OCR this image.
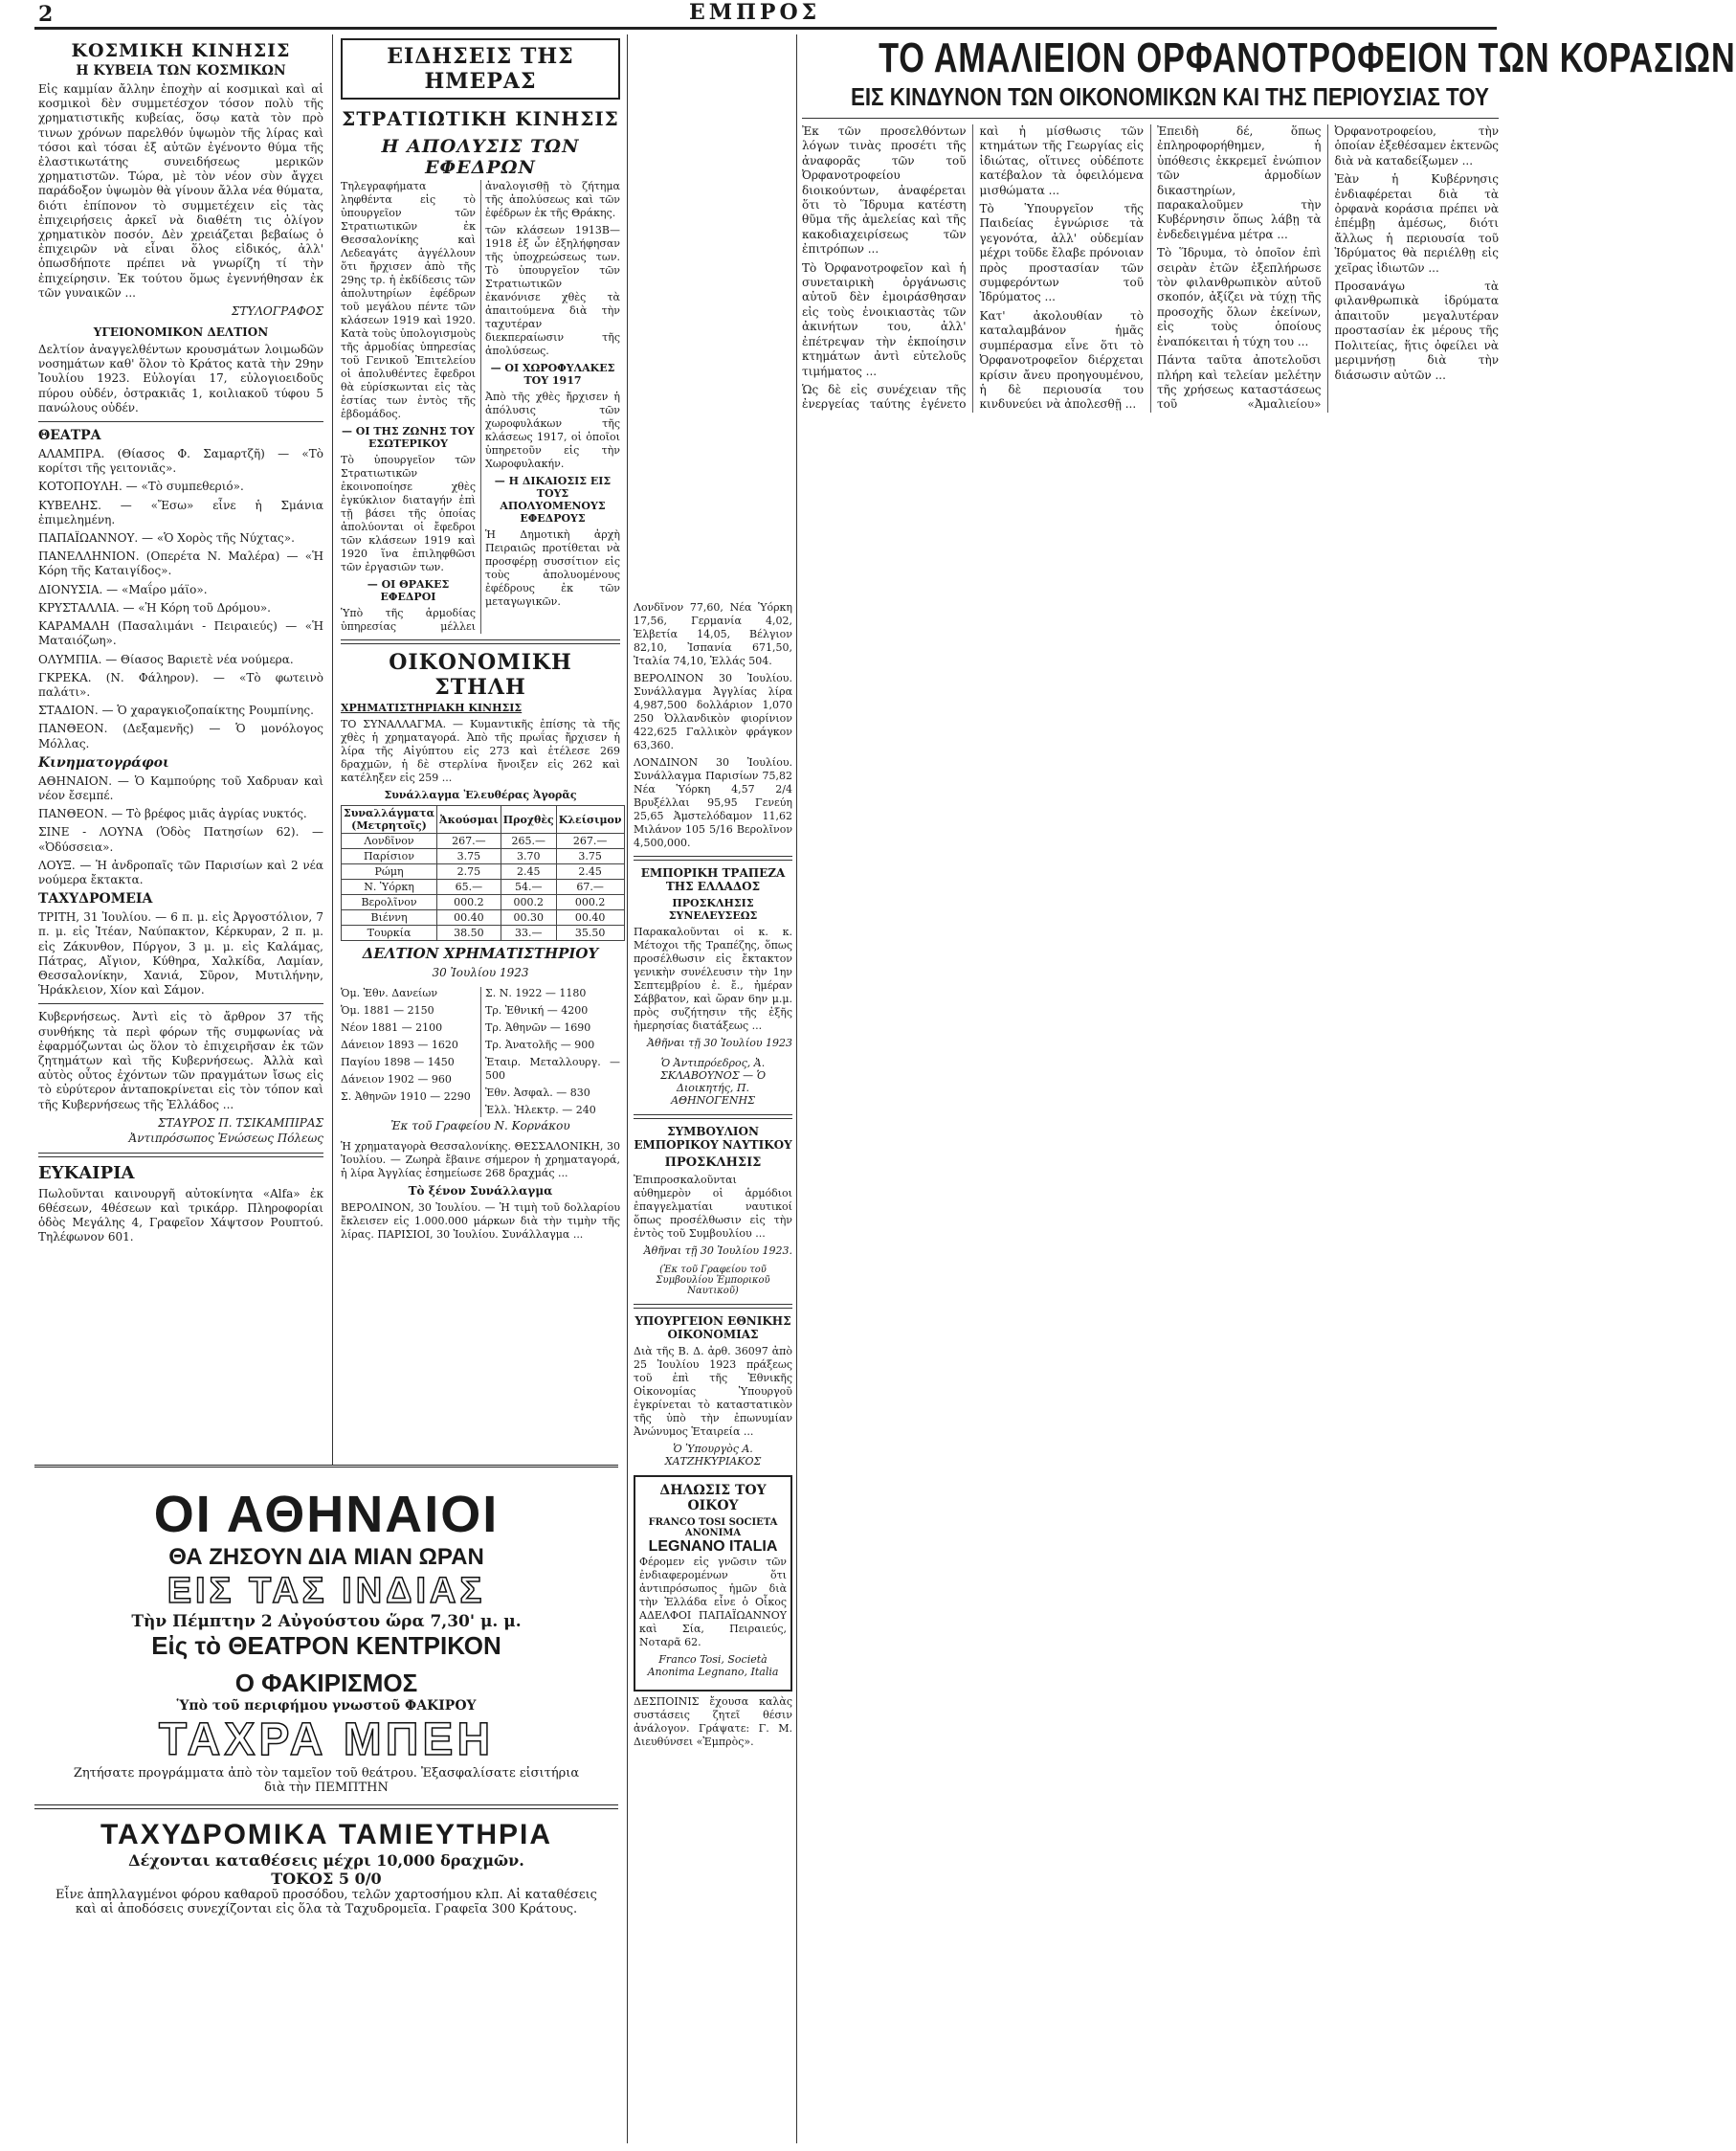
2	ΕΜΠΡΟΣ
ΚΟΣΜΙΚΗ ΚΙΝΗΣΙΣ
Η ΚΥΒΕΙΑ ΤΩΝ ΚΟΣΜΙΚΩΝ

Εἰς καμμίαν ἄλλην ἐποχὴν αἱ κοσμικαὶ καὶ αἱ κοσμικοὶ δὲν συμμετέσχον τόσον πολὺ τῆς χρηματιστικῆς κυβείας, ὅσῳ κατὰ τὸν πρὸ τινων χρόνων παρελθόν ὑψωμὸν τῆς λίρας καὶ τόσοι καὶ τόσαι ἐξ αὐτῶν ἐγένοντο θύμα τῆς ἐλαστικωτάτης συνειδήσεως μερικῶν χρηματιστῶν. Τώρα, μὲ τὸν νέον σὺν ἄγχει παράδοξον ὑψωμὸν θὰ γίνουν ἄλλα νέα θύματα, διότι ἐπίπονον τὸ συμμετέχειν εἰς τὰς ἐπιχειρήσεις ἀρκεῖ νὰ διαθέτη τις ὀλίγον χρηματικὸν ποσόν. Δὲν χρειάζεται βεβαίως ὁ ἐπιχειρῶν νὰ εἶναι ὅλος εἰδικός, ἀλλ' ὁπωσδήποτε πρέπει νὰ γνωρίζη τί τὴν ἐπιχείρησιν. Ἐκ τούτου ὅμως ἐγεννήθησαν ἐκ τῶν γυναικῶν ...

ΣΤΥΛΟΓΡΑΦΟΣ
ΥΓΕΙΟΝΟΜΙΚΟΝ ΔΕΛΤΙΟΝ

Δελτίον ἀναγγελθέντων κρουσμάτων λοιμωδῶν νοσημάτων καθ' ὅλον τὸ Κράτος κατὰ τὴν 29ην Ἰουλίου 1923. Εὐλογίαι 17, εὐλογιοειδοῦς πύρου οὐδέν, ὀστρακιᾶς 1, κοιλιακοῦ τύφου 5 πανώλους οὐδέν.

ΘΕΑΤΡΑ

ΑΛΑΜΠΡΑ. (Θίασος Φ. Σαμαρτζῆ) — «Τὸ κορίτσι τῆς γειτονιᾶς».

ΚΟΤΟΠΟΥΛΗ. — «Τὸ συμπεθεριό».

ΚΥΒΕΛΗΣ. — «Ἔσω» εἶνε ἡ Σμάνια ἐπιμελημένη.

ΠΑΠΑΪΩΑΝΝΟΥ. — «Ὁ Χορὸς τῆς Νύχτας».

ΠΑΝΕΛΛΗΝΙΟΝ. (Οπερέτα Ν. Μαλέρα) — «Ἡ Κόρη τῆς Καταιγίδος».

ΔΙΟΝΥΣΙΑ. — «Μαΐρο μάϊο».

ΚΡΥΣΤΑΛΛΙΑ. — «Ἡ Κόρη τοῦ Δρόμου».

ΚΑΡΑΜΑΛΗ (Πασαλιμάνι - Πειραιεύς) — «Ἡ Ματαιόζωη».

ΟΛΥΜΠΙΑ. — Θίασος Βαριετὲ νέα νούμερα.

ΓΚΡΕΚΑ. (Ν. Φάληρον). — «Τὸ φωτεινὸ παλάτι».

ΣΤΑΔΙΟΝ. — Ὁ χαραγκιοζοπαίκτης Ρουμπίνης.

ΠΑΝΘΕΟΝ. (Δεξαμενῆς) — Ὁ μονόλογος Μόλλας.

Κινηματογράφοι

ΑΘΗΝΑΙΟΝ. — Ὁ Καμπούρης τοῦ Χαδρυαν καὶ νέον ἔσεμπέ.

ΠΑΝΘΕΟΝ. — Τὸ βρέφος μιᾶς ἀγρίας νυκτός.

ΣΙΝΕ - ΛΟΥΝΑ (Ὁδὸς Πατησίων 62). — «Ὀδύσσεια».

ΛΟΥΞ. — Ἡ ἀνδροπαῖς τῶν Παρισίων καὶ 2 νέα νούμερα ἔκτακτα.

ΤΑΧΥΔΡΟΜΕΙΑ

ΤΡΙΤΗ, 31 Ἰουλίου. — 6 π. μ. εἰς Ἀργοστόλιον, 7 π. μ. εἰς Ἰτέαν, Ναύπακτον, Κέρκυραν, 2 π. μ. εἰς Ζάκυνθον, Πύργον, 3 μ. μ. εἰς Καλάμας, Πάτρας, Αἴγιον, Κύθηρα, Χαλκίδα, Λαμίαν, Θεσσαλονίκην, Χανιά, Σῦρον, Μυτιλήνην, Ἡράκλειον, Χίον καὶ Σάμον.

Κυβερνήσεως. Ἀντὶ εἰς τὸ ἄρθρον 37 τῆς συνθήκης τὰ περὶ φόρων τῆς συμφωνίας νὰ ἐφαρμόζωνται ὡς ὅλον τὸ ἐπιχειρῆσαν ἐκ τῶν ζητημάτων καὶ τῆς Κυβερνήσεως. Ἀλλὰ καὶ αὐτὸς οὗτος ἐχόντων τῶν πραγμάτων ἴσως εἰς τὸ εὐρύτερον ἀνταποκρίνεται εἰς τὸν τόπον καὶ τῆς Κυβερνήσεως τῆς Ἑλλάδος ...

ΣΤΑΥΡΟΣ Π. ΤΣΙΚΑΜΠΙΡΑΣ
Ἀντιπρόσωπος Ἑνώσεως Πόλεως
ΕΥΚΑΙΡΙΑ

Πωλοῦνται καινουργῆ αὐτοκίνητα «Alfa» ἐκ 6θέσεων, 4θέσεων καὶ τρικάρρ. Πληροφορίαι ὁδὸς Μεγάλης 4, Γραφεῖον Χάψτσον Ρουπτού. Τηλέφωνον 601.

ΕΙΔΗΣΕΙΣ ΤΗΣ ΗΜΕΡΑΣ
ΣΤΡΑΤΙΩΤΙΚΗ ΚΙΝΗΣΙΣ
Η ΑΠΟΛΥΣΙΣ ΤΩΝ ΕΦΕΔΡΩΝ

Τηλεγραφήματα ληφθέντα εἰς τὸ ὑπουργεῖον τῶν Στρατιωτικῶν ἐκ Θεσσαλονίκης καὶ Λεδεαγάτς ἀγγέλλουν ὅτι ἤρχισεν ἀπὸ τῆς 29ης τρ. ἡ ἐκδίδεσις τῶν ἀπολυτηρίων ἐφέδρων τοῦ μεγάλου πέντε τῶν κλάσεων 1919 καὶ 1920. Κατὰ τοὺς ὑπολογισμοὺς τῆς ἀρμοδίας ὑπηρεσίας τοῦ Γενικοῦ Ἐπιτελείου οἱ ἀπολυθέντες ἔφεδροι θὰ εὑρίσκωνται εἰς τὰς ἑστίας των ἐντὸς τῆς ἑβδομάδος.

— ΟΙ ΤΗΣ ΖΩΝΗΣ ΤΟΥ ΕΣΩΤΕΡΙΚΟΥ

Τὸ ὑπουργεῖον τῶν Στρατιωτικῶν ἐκοινοποίησε χθὲς ἐγκύκλιον διαταγήν ἐπὶ τῇ βάσει τῆς ὁποίας ἀπολύονται οἱ ἔφεδροι τῶν κλάσεων 1919 καὶ 1920 ἵνα ἐπιληφθῶσι τῶν ἐργασιῶν των.

— ΟΙ ΘΡΑΚΕΣ ΕΦΕΔΡΟΙ

Ὑπὸ τῆς ἁρμοδίας ὑπηρεσίας μέλλει ἀναλογισθῇ τὸ ζήτημα τῆς ἀπολύσεως καὶ τῶν ἐφέδρων ἐκ τῆς Θράκης.

τῶν κλάσεων 1913Β—1918 ἐξ ὧν ἐξηλήφησαν τῆς ὑποχρεώσεως των. Τὸ ὑπουργεῖον τῶν Στρατιωτικῶν ἐκανόνισε χθὲς τὰ ἀπαιτούμενα διὰ τὴν ταχυτέραν διεκπεραίωσιν τῆς ἀπολύσεως.

— ΟΙ ΧΩΡΟΦΥΛΑΚΕΣ ΤΟΥ 1917

Ἀπὸ τῆς χθὲς ἤρχισεν ἡ ἀπόλυσις τῶν χωροφυλάκων τῆς κλάσεως 1917, οἱ ὁποῖοι ὑπηρετοῦν εἰς τὴν Χωροφυλακήν.

— Η ΔΙΚΑΙΟΣΙΣ ΕΙΣ ΤΟΥΣ ΑΠΟΛΥΟΜΕΝΟΥΣ ΕΦΕΔΡΟΥΣ

Ἡ Δημοτικὴ ἀρχὴ Πειραιῶς προτίθεται νὰ προσφέρῃ συσσίτιον εἰς τοὺς ἀπολυομένους ἐφέδρους ἐκ τῶν μεταγωγικῶν.

ΟΙΚΟΝΟΜΙΚΗ ΣΤΗΛΗ
ΧΡΗΜΑΤΙΣΤΗΡΙΑΚΗ ΚΙΝΗΣΙΣ

ΤΟ ΣΥΝΑΛΛΑΓΜΑ. — Κυμαντικῆς ἐπίσης τὰ τῆς χθὲς ἡ χρηματαγορά. Ἀπὸ τῆς πρωΐας ἤρχισεν ἡ λίρα τῆς Αἰγύπτου εἰς 273 καὶ ἐτέλεσε 269 δραχμῶν, ἡ δὲ στερλίνα ἤνοιξεν εἰς 262 καὶ κατέληξεν εἰς 259 ...

Συνάλλαγμα Ἐλευθέρας Ἀγορᾶς
Συναλλάγματα (Μετρητοῖς)	Ἀκούσμαι	Προχθὲς	Κλείσιμον
Λονδῖνον	267.—	265.—	267.—
Παρίσιον	3.75	3.70	3.75
Ρώμη	2.75	2.45	2.45
Ν. Ὑόρκη	65.—	54.—	67.—
Βερολῖνον	000.2	000.2	000.2
Βιέννη	00.40	00.30	00.40
Τουρκία	38.50	33.—	35.50
ΔΕΛΤΙΟΝ ΧΡΗΜΑΤΙΣΤΗΡΙΟΥ
30 Ἰουλίου 1923

Ὁμ. Ἐθν. Δανείων

Ὁμ. 1881 — 2150

Νέον 1881 — 2100

Δάνειον 1893 — 1620

Παγίου 1898 — 1450

Δάνειον 1902 — 960

Σ. Ἀθηνῶν 1910 — 2290

Σ. Ν. 1922 — 1180

Τρ. Ἐθνική — 4200

Τρ. Ἀθηνῶν — 1690

Τρ. Ἀνατολῆς — 900

Ἐταιρ. Μεταλλουργ. — 500

Ἐθν. Ἀσφαλ. — 830

Ἑλλ. Ἠλεκτρ. — 240

Ἐκ τοῦ Γραφείου Ν. Κορνάκου

Ἡ χρηματαγορὰ Θεσσαλονίκης. ΘΕΣΣΑΛΟΝΙΚΗ, 30 Ἰουλίου. — Ζωηρὰ ἔβαινε σήμερον ἡ χρηματαγορά, ἡ λίρα Ἀγγλίας ἐσημείωσε 268 δραχμάς ...

Τὸ ξένον Συνάλλαγμα

ΒΕΡΟΛΙΝΟΝ, 30 Ἰουλίου. — Ἡ τιμὴ τοῦ δολλαρίου ἔκλεισεν εἰς 1.000.000 μάρκων διὰ τὴν τιμὴν τῆς λίρας. ΠΑΡΙΣΙΟΙ, 30 Ἰουλίου. Συνάλλαγμα ...

Λονδῖνον 77,60, Νέα Ὑόρκη 17,56, Γερμανία 4,02, Ἑλβετία 14,05, Βέλγιον 82,10, Ἰσπανία 671,50, Ἰταλία 74,10, Ἑλλάς 504.

ΒΕΡΟΛΙΝΟΝ 30 Ἰουλίου. Συνάλλαγμα Ἀγγλίας λίρα 4,987,500 δολλάριον 1,070 250 Ὀλλανδικὸν φιορίνιον 422,625 Γαλλικὸν φράγκον 63,360.

ΛΟΝΔΙΝΟΝ 30 Ἰουλίου. Συνάλλαγμα Παρισίων 75,82 Νέα Ὑόρκη 4,57 2/4 Βρυξέλλαι 95,95 Γενεύη 25,65 Ἀμστελόδαμον 11,62 Μιλάνον 105 5/16 Βερολῖνον 4,500,000.

ΕΜΠΟΡΙΚΗ ΤΡΑΠΕΖΑ ΤΗΣ ΕΛΛΑΔΟΣ
ΠΡΟΣΚΛΗΣΙΣ ΣΥΝΕΛΕΥΣΕΩΣ

Παρακαλοῦνται οἱ κ. κ. Μέτοχοι τῆς Τραπέζης, ὅπως προσέλθωσιν εἰς ἔκτακτον γενικὴν συνέλευσιν τὴν 1ην Σεπτεμβρίου ἐ. ἔ., ἡμέραν Σάββατον, καὶ ὥραν 6ην μ.μ. πρὸς συζήτησιν τῆς ἐξῆς ἡμερησίας διατάξεως ...

Ἀθῆναι τῇ 30 Ἰουλίου 1923
Ὁ Ἀντιπρόεδρος, Ἀ. ΣΚΛΑΒΟΥΝΟΣ — Ὁ Διοικητής, Π. ΑΘΗΝΟΓΕΝΗΣ
ΣΥΜΒΟΥΛΙΟΝ ΕΜΠΟΡΙΚΟΥ ΝΑΥΤΙΚΟΥ
ΠΡΟΣΚΛΗΣΙΣ

Ἐπιπροσκαλοῦνται αὐθημερὸν οἱ ἁρμόδιοι ἐπαγγελματίαι ναυτικοί ὅπως προσέλθωσιν εἰς τὴν ἐντὸς τοῦ Συμβουλίου ...

Ἀθῆναι τῇ 30 Ἰουλίου 1923.
(Ἐκ τοῦ Γραφείου τοῦ Συμβουλίου Ἐμπορικοῦ Ναυτικοῦ)
ΥΠΟΥΡΓΕΙΟΝ ΕΘΝΙΚΗΣ ΟΙΚΟΝΟΜΙΑΣ

Διὰ τῆς Β. Δ. ἀρθ. 36097 ἀπὸ 25 Ἰουλίου 1923 πράξεως τοῦ ἐπὶ τῆς Ἐθνικῆς Οἰκονομίας Ὑπουργοῦ ἐγκρίνεται τὸ καταστατικὸν τῆς ὑπὸ τὴν ἐπωνυμίαν Ἀνώνυμος Ἑταιρεία ...

Ὁ Ὑπουργὸς Α. ΧΑΤΖΗΚΥΡΙΑΚΟΣ
ΔΗΛΩΣΙΣ ΤΟΥ ΟΙΚΟΥ
FRANCO TOSI SOCIETA ANONIMA
LEGNANO ITALIA

Φέρομεν εἰς γνῶσιν τῶν ἐνδιαφερομένων ὅτι ἀντιπρόσωπος ἡμῶν διὰ τὴν Ἑλλάδα εἶνε ὁ Οἶκος ΑΔΕΛΦΟΙ ΠΑΠΑΪΩΑΝΝΟΥ καὶ Σία, Πειραιεύς, Νοταρᾶ 62.

Franco Tosi, Società Anonima Legnano, Italia

ΔΕΣΠΟΙΝΙΣ ἔχουσα καλὰς συστάσεις ζητεῖ θέσιν ἀνάλογον. Γράψατε: Γ. Μ. Διευθύνσει «Ἐμπρὸς».

ΤΟ ΑΜΑΛΙΕΙΟΝ ΟΡΦΑΝΟΤΡΟΦΕΙΟΝ ΤΩΝ ΚΟΡΑΣΙΩΝ
ΕΙΣ ΚΙΝΔΥΝΟΝ ΤΩΝ ΟΙΚΟΝΟΜΙΚΩΝ ΚΑΙ ΤΗΣ ΠΕΡΙΟΥΣΙΑΣ ΤΟΥ

Ἐκ τῶν προσελθόντων λόγων τινὰς προσέτι τῆς ἀναφορᾶς τῶν τοῦ Ὀρφανοτροφείου διοικούντων, ἀναφέρεται ὅτι τὸ Ἵδρυμα κατέστη θῦμα τῆς ἀμελείας καὶ τῆς κακοδιαχειρίσεως τῶν ἐπιτρόπων ...

Τὸ Ὀρφανοτροφεῖον καὶ ἡ συνεταιρικὴ ὀργάνωσις αὐτοῦ δὲν ἐμοιράσθησαν εἰς τοὺς ἐνοικιαστὰς τῶν ἀκινήτων του, ἀλλ' ἐπέτρεψαν τὴν ἐκποίησιν κτημάτων ἀντὶ εὐτελοῦς τιμήματος ...

Ὡς δὲ εἰς συνέχειαν τῆς ἐνεργείας ταύτης ἐγένετο καὶ ἡ μίσθωσις τῶν κτημάτων τῆς Γεωργίας εἰς ἰδιώτας, οἵτινες οὐδέποτε κατέβαλον τὰ ὀφειλόμενα μισθώματα ...

Τὸ Ὑπουργεῖον τῆς Παιδείας ἐγνώρισε τὰ γεγονότα, ἀλλ' οὐδεμίαν μέχρι τοῦδε ἔλαβε πρόνοιαν πρὸς προστασίαν τῶν συμφερόντων τοῦ Ἱδρύματος ...

Κατ' ἀκολουθίαν τὸ καταλαμβάνον ἡμᾶς συμπέρασμα εἶνε ὅτι τὸ Ὀρφανοτροφεῖον διέρχεται κρίσιν ἄνευ προηγουμένου, ἡ δὲ περιουσία του κινδυνεύει νὰ ἀπολεσθῇ ...

Ἐπειδὴ δέ, ὅπως ἐπληροφορήθημεν, ἡ ὑπόθεσις ἐκκρεμεῖ ἐνώπιον τῶν ἁρμοδίων δικαστηρίων, παρακαλοῦμεν τὴν Κυβέρνησιν ὅπως λάβῃ τὰ ἐνδεδειγμένα μέτρα ...

Τὸ Ἵδρυμα, τὸ ὁποῖον ἐπὶ σειρὰν ἐτῶν ἐξεπλήρωσε τὸν φιλανθρωπικὸν αὐτοῦ σκοπόν, ἀξίζει νὰ τύχῃ τῆς προσοχῆς ὅλων ἐκείνων, εἰς τοὺς ὁποίους ἐναπόκειται ἡ τύχη του ...

Πάντα ταῦτα ἀποτελοῦσι πλήρη καὶ τελείαν μελέτην τῆς χρήσεως καταστάσεως τοῦ «Ἀμαλιείου» Ὀρφανοτροφείου, τὴν ὁποίαν ἐξεθέσαμεν ἐκτενῶς διὰ νὰ καταδείξωμεν ...

Ἐὰν ἡ Κυβέρνησις ἐνδιαφέρεται διὰ τὰ ὀρφανὰ κοράσια πρέπει νὰ ἐπέμβῃ ἀμέσως, διότι ἄλλως ἡ περιουσία τοῦ Ἱδρύματος θὰ περιέλθῃ εἰς χεῖρας ἰδιωτῶν ...

Προσανάγω τὰ φιλανθρωπικὰ ἱδρύματα ἀπαιτοῦν μεγαλυτέραν προστασίαν ἐκ μέρους τῆς Πολιτείας, ἥτις ὀφείλει νὰ μεριμνήσῃ διὰ τὴν διάσωσιν αὐτῶν ...

ΟΙ ΑΘΗΝΑΙΟΙ
ΘΑ ΖΗΣΟΥΝ ΔΙΑ ΜΙΑΝ ΩΡΑΝ
ΕΙΣ ΤΑΣ ΙΝΔΙΑΣ
Τὴν Πέμπτην 2 Αὐγούστου ὥρα 7,30' μ. μ.
Εἰς τὸ ΘΕΑΤΡΟΝ ΚΕΝΤΡΙΚΟΝ
Ο ΦΑΚΙΡΙΣΜΟΣ
Ὑπὸ τοῦ περιφήμου γνωστοῦ ΦΑΚΙΡΟΥ
ΤΑΧΡΑ ΜΠΕΗ
Ζητήσατε προγράμματα ἀπὸ τὸν ταμεῖον τοῦ θεάτρου. Ἐξασφαλίσατε εἰσιτήρια διὰ τὴν ΠΕΜΠΤΗΝ
ΤΑΧΥΔΡΟΜΙΚΑ ΤΑΜΙΕΥΤΗΡΙΑ
Δέχονται καταθέσεις μέχρι 10,000 δραχμῶν.
ΤΟΚΟΣ 5 0/0
Εἶνε ἀπηλλαγμένοι φόρου καθαροῦ προσόδου, τελῶν χαρτοσήμου κλπ. Αἱ καταθέσεις καὶ αἱ ἀποδόσεις συνεχίζονται εἰς ὅλα τὰ Ταχυδρομεῖα. Γραφεῖα 300 Κράτους.
